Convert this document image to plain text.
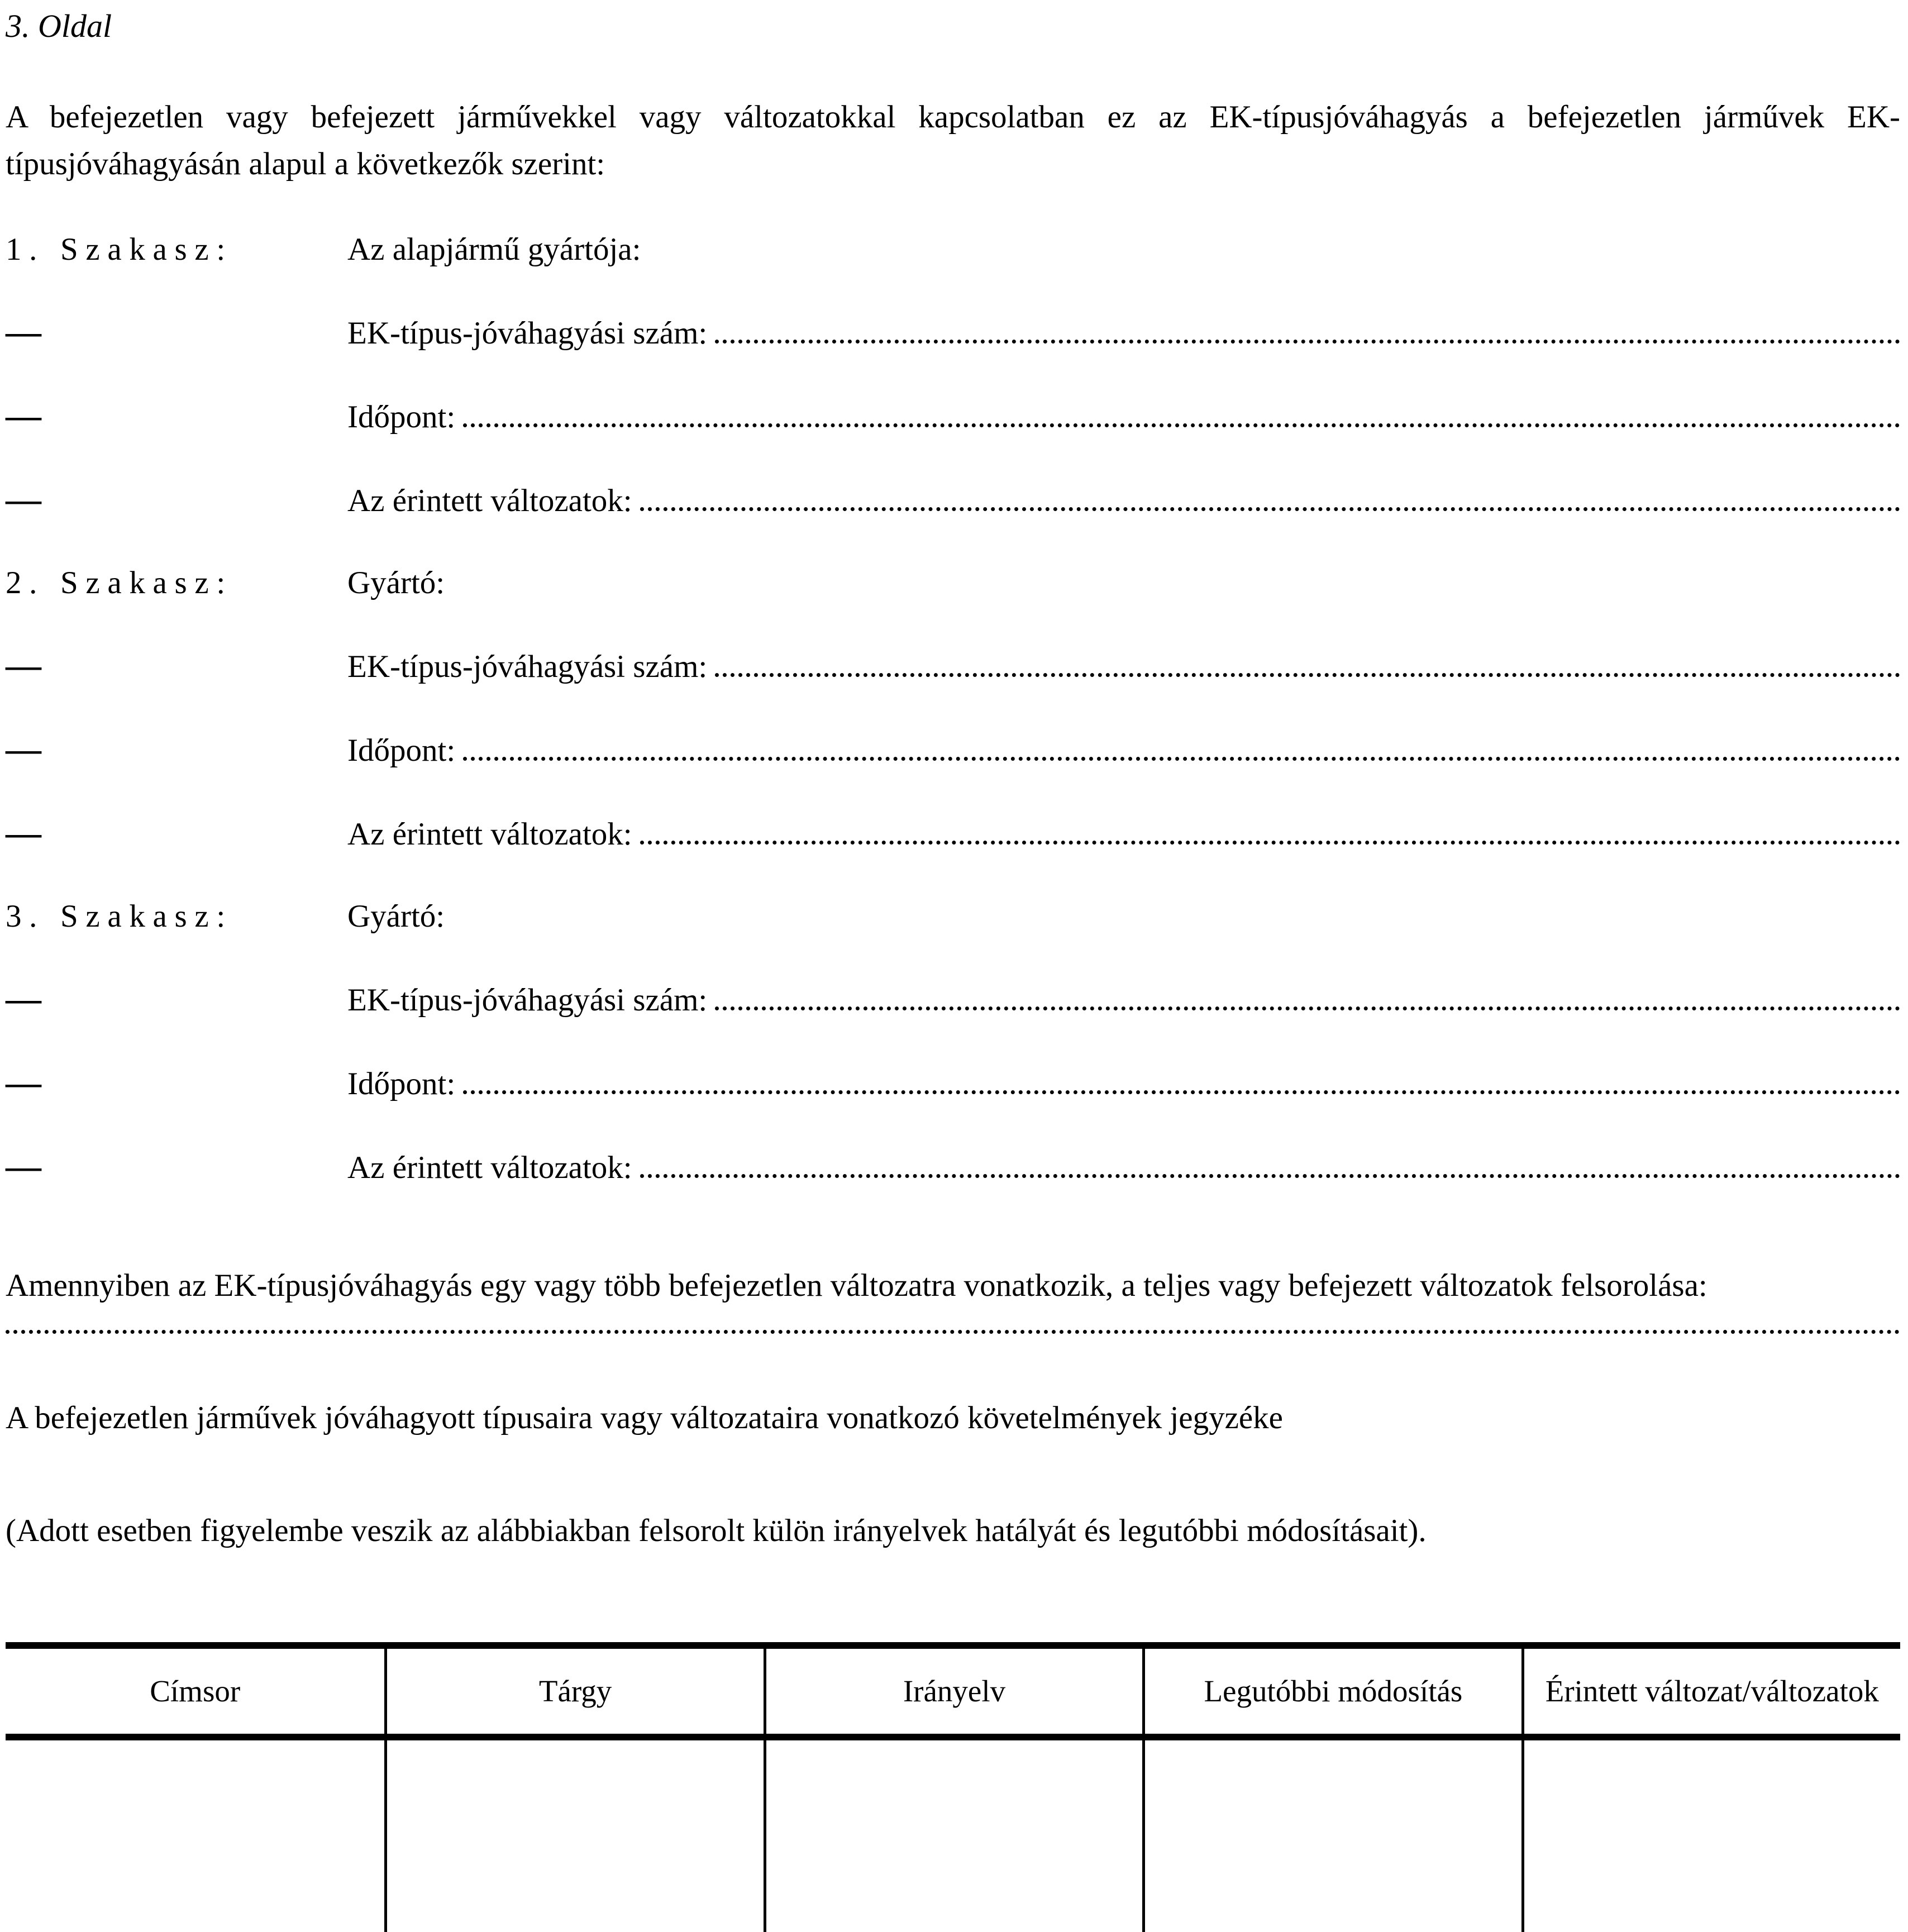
3. Oldal

A befejezetlen vagy befejezett járművekkel vagy változatokkal kapcsolatban ez az EK-típusjóváhagyás a befejezetlen járművek EK-típusjóváhagyásán alapul a következők szerint:

1. Szakasz:	Az alapjármű gyártója:
—	EK-típus-jóváhagyási szám:
—	Időpont:
—	Az érintett változatok:
2. Szakasz:	Gyártó:
—	EK-típus-jóváhagyási szám:
—	Időpont:
—	Az érintett változatok:
3. Szakasz:	Gyártó:
—	EK-típus-jóváhagyási szám:
—	Időpont:
—	Az érintett változatok:

Amennyiben az EK-típusjóváhagyás egy vagy több befejezetlen változatra vonatkozik, a teljes vagy befejezett változatok felsorolása:

A befejezetlen járművek jóváhagyott típusaira vagy változataira vonatkozó követelmények jegyzéke

(Adott esetben figyelembe veszik az alábbiakban felsorolt külön irányelvek hatályát és legutóbbi módosításait).

Címsor	Tárgy	Irányelv	Legutóbbi módosítás	Érintett változat/változatok
